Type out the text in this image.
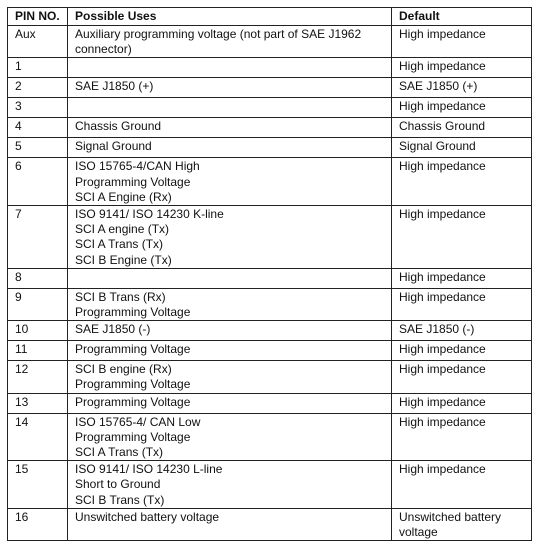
PIN NO.	Possible Uses	Default
Aux	Auxiliary programming voltage (not part of SAE J1962 connector)	High impedance

1		High impedance

2	SAE J1850 (+)	SAE J1850 (+)

3		High impedance

4	Chassis Ground	Chassis Ground

5	Signal Ground	Signal Ground

6	ISO 15765-4/CAN High
Programming Voltage
SCI A Engine (Rx)	High impedance

7	ISO 9141/ ISO 14230 K-line
SCI A engine (Tx)
SCI A Trans (Tx)
SCI B Engine (Tx)	High impedance

8		High impedance

9	SCI B Trans (Rx)
Programming Voltage	High impedance

10	SAE J1850 (-)	SAE J1850 (-)

11	Programming Voltage	High impedance

12	SCI B engine (Rx)
Programming Voltage	High impedance

13	Programming Voltage	High impedance

14	ISO 15765-4/ CAN Low
Programming Voltage
SCI A Trans (Tx)	High impedance

15	ISO 9141/ ISO 14230 L-line
Short to Ground
SCI B Trans (Tx)	High impedance

16	Unswitched battery voltage	Unswitched battery voltage
